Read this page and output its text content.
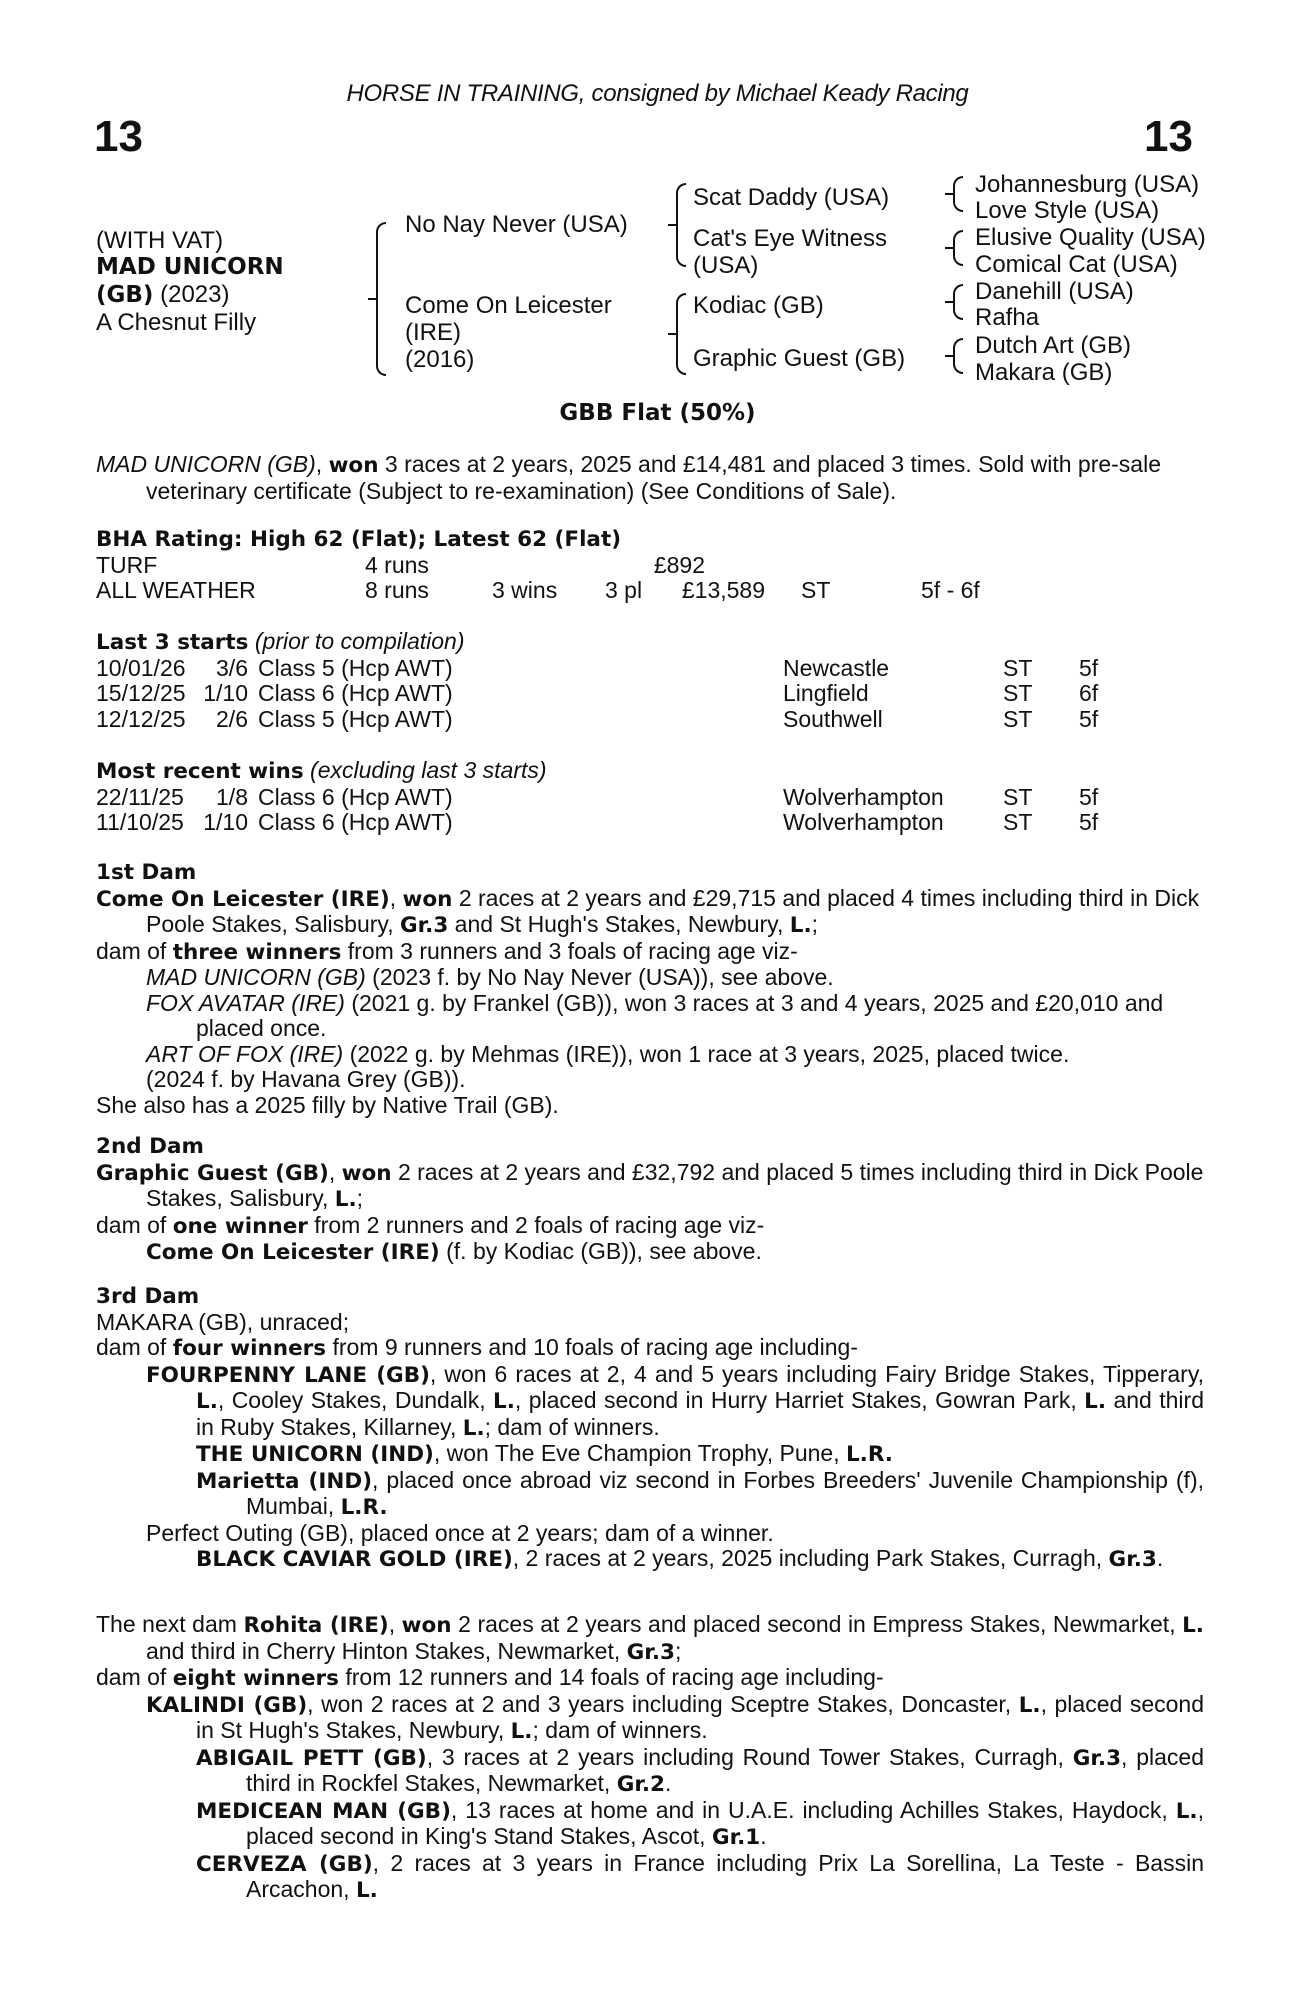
HORSE IN TRAINING, consigned by Michael Keady Racing
13	13
(WITH VAT)
MAD UNICORN
(GB) (2023)
A Chesnut Filly
No Nay Never (USA)
Come On Leicester
(IRE)
(2016)
Scat Daddy (USA)
Cat's Eye Witness
(USA)
Kodiac (GB)
Graphic Guest (GB)
Johannesburg (USA)
Love Style (USA)
Elusive Quality (USA)
Comical Cat (USA)
Danehill (USA)
Rafha
Dutch Art (GB)
Makara (GB)
GBB Flat (50%)

MAD UNICORN (GB), won 3 races at 2 years, 2025 and £14,481 and placed 3 times. Sold with pre-sale veterinary certificate (Subject to re-examination) (See Conditions of Sale).

BHA Rating: High 62 (Flat); Latest 62 (Flat)

TURF	4 runs	£892
ALL WEATHER	8 runs	3 wins	3 pl	£13,589	ST	5f - 6f

Last 3 starts (prior to compilation)

10/01/26	3/6 Class 5 (Hcp AWT)	Newcastle	ST	5f
15/12/25 1/10 Class 6 (Hcp AWT)	Lingfield	ST	6f
12/12/25	2/6 Class 5 (Hcp AWT)	Southwell	ST	5f

Most recent wins (excluding last 3 starts)

22/11/25	1/8 Class 6 (Hcp AWT)	Wolverhampton	ST	5f
11/10/25 1/10 Class 6 (Hcp AWT)	Wolverhampton	ST	5f

1st Dam

Come On Leicester (IRE), won 2 races at 2 years and £29,715 and placed 4 times including third in Dick Poole Stakes, Salisbury, Gr.3 and St Hugh's Stakes, Newbury, L.;

dam of three winners from 3 runners and 3 foals of racing age viz-

MAD UNICORN (GB) (2023 f. by No Nay Never (USA)), see above.

FOX AVATAR (IRE) (2021 g. by Frankel (GB)), won 3 races at 3 and 4 years, 2025 and £20,010 and placed once.

ART OF FOX (IRE) (2022 g. by Mehmas (IRE)), won 1 race at 3 years, 2025, placed twice.

(2024 f. by Havana Grey (GB)).

She also has a 2025 filly by Native Trail (GB).

2nd Dam

Graphic Guest (GB), won 2 races at 2 years and £32,792 and placed 5 times including third in Dick Poole Stakes, Salisbury, L.;

dam of one winner from 2 runners and 2 foals of racing age viz-

Come On Leicester (IRE) (f. by Kodiac (GB)), see above.

3rd Dam

MAKARA (GB), unraced;

dam of four winners from 9 runners and 10 foals of racing age including-

FOURPENNY LANE (GB), won 6 races at 2, 4 and 5 years including Fairy Bridge Stakes, Tipperary, L., Cooley Stakes, Dundalk, L., placed second in Hurry Harriet Stakes, Gowran Park, L. and third in Ruby Stakes, Killarney, L.; dam of winners.

THE UNICORN (IND), won The Eve Champion Trophy, Pune, L.R.

Marietta (IND), placed once abroad viz second in Forbes Breeders' Juvenile Championship (f), Mumbai, L.R.

Perfect Outing (GB), placed once at 2 years; dam of a winner.

BLACK CAVIAR GOLD (IRE), 2 races at 2 years, 2025 including Park Stakes, Curragh, Gr.3.

The next dam Rohita (IRE), won 2 races at 2 years and placed second in Empress Stakes, Newmarket, L. and third in Cherry Hinton Stakes, Newmarket, Gr.3;

dam of eight winners from 12 runners and 14 foals of racing age including-

KALINDI (GB), won 2 races at 2 and 3 years including Sceptre Stakes, Doncaster, L., placed second in St Hugh's Stakes, Newbury, L.; dam of winners.

ABIGAIL PETT (GB), 3 races at 2 years including Round Tower Stakes, Curragh, Gr.3, placed third in Rockfel Stakes, Newmarket, Gr.2.

MEDICEAN MAN (GB), 13 races at home and in U.A.E. including Achilles Stakes, Haydock, L., placed second in King's Stand Stakes, Ascot, Gr.1.

CERVEZA (GB), 2 races at 3 years in France including Prix La Sorellina, La Teste - Bassin Arcachon, L.
